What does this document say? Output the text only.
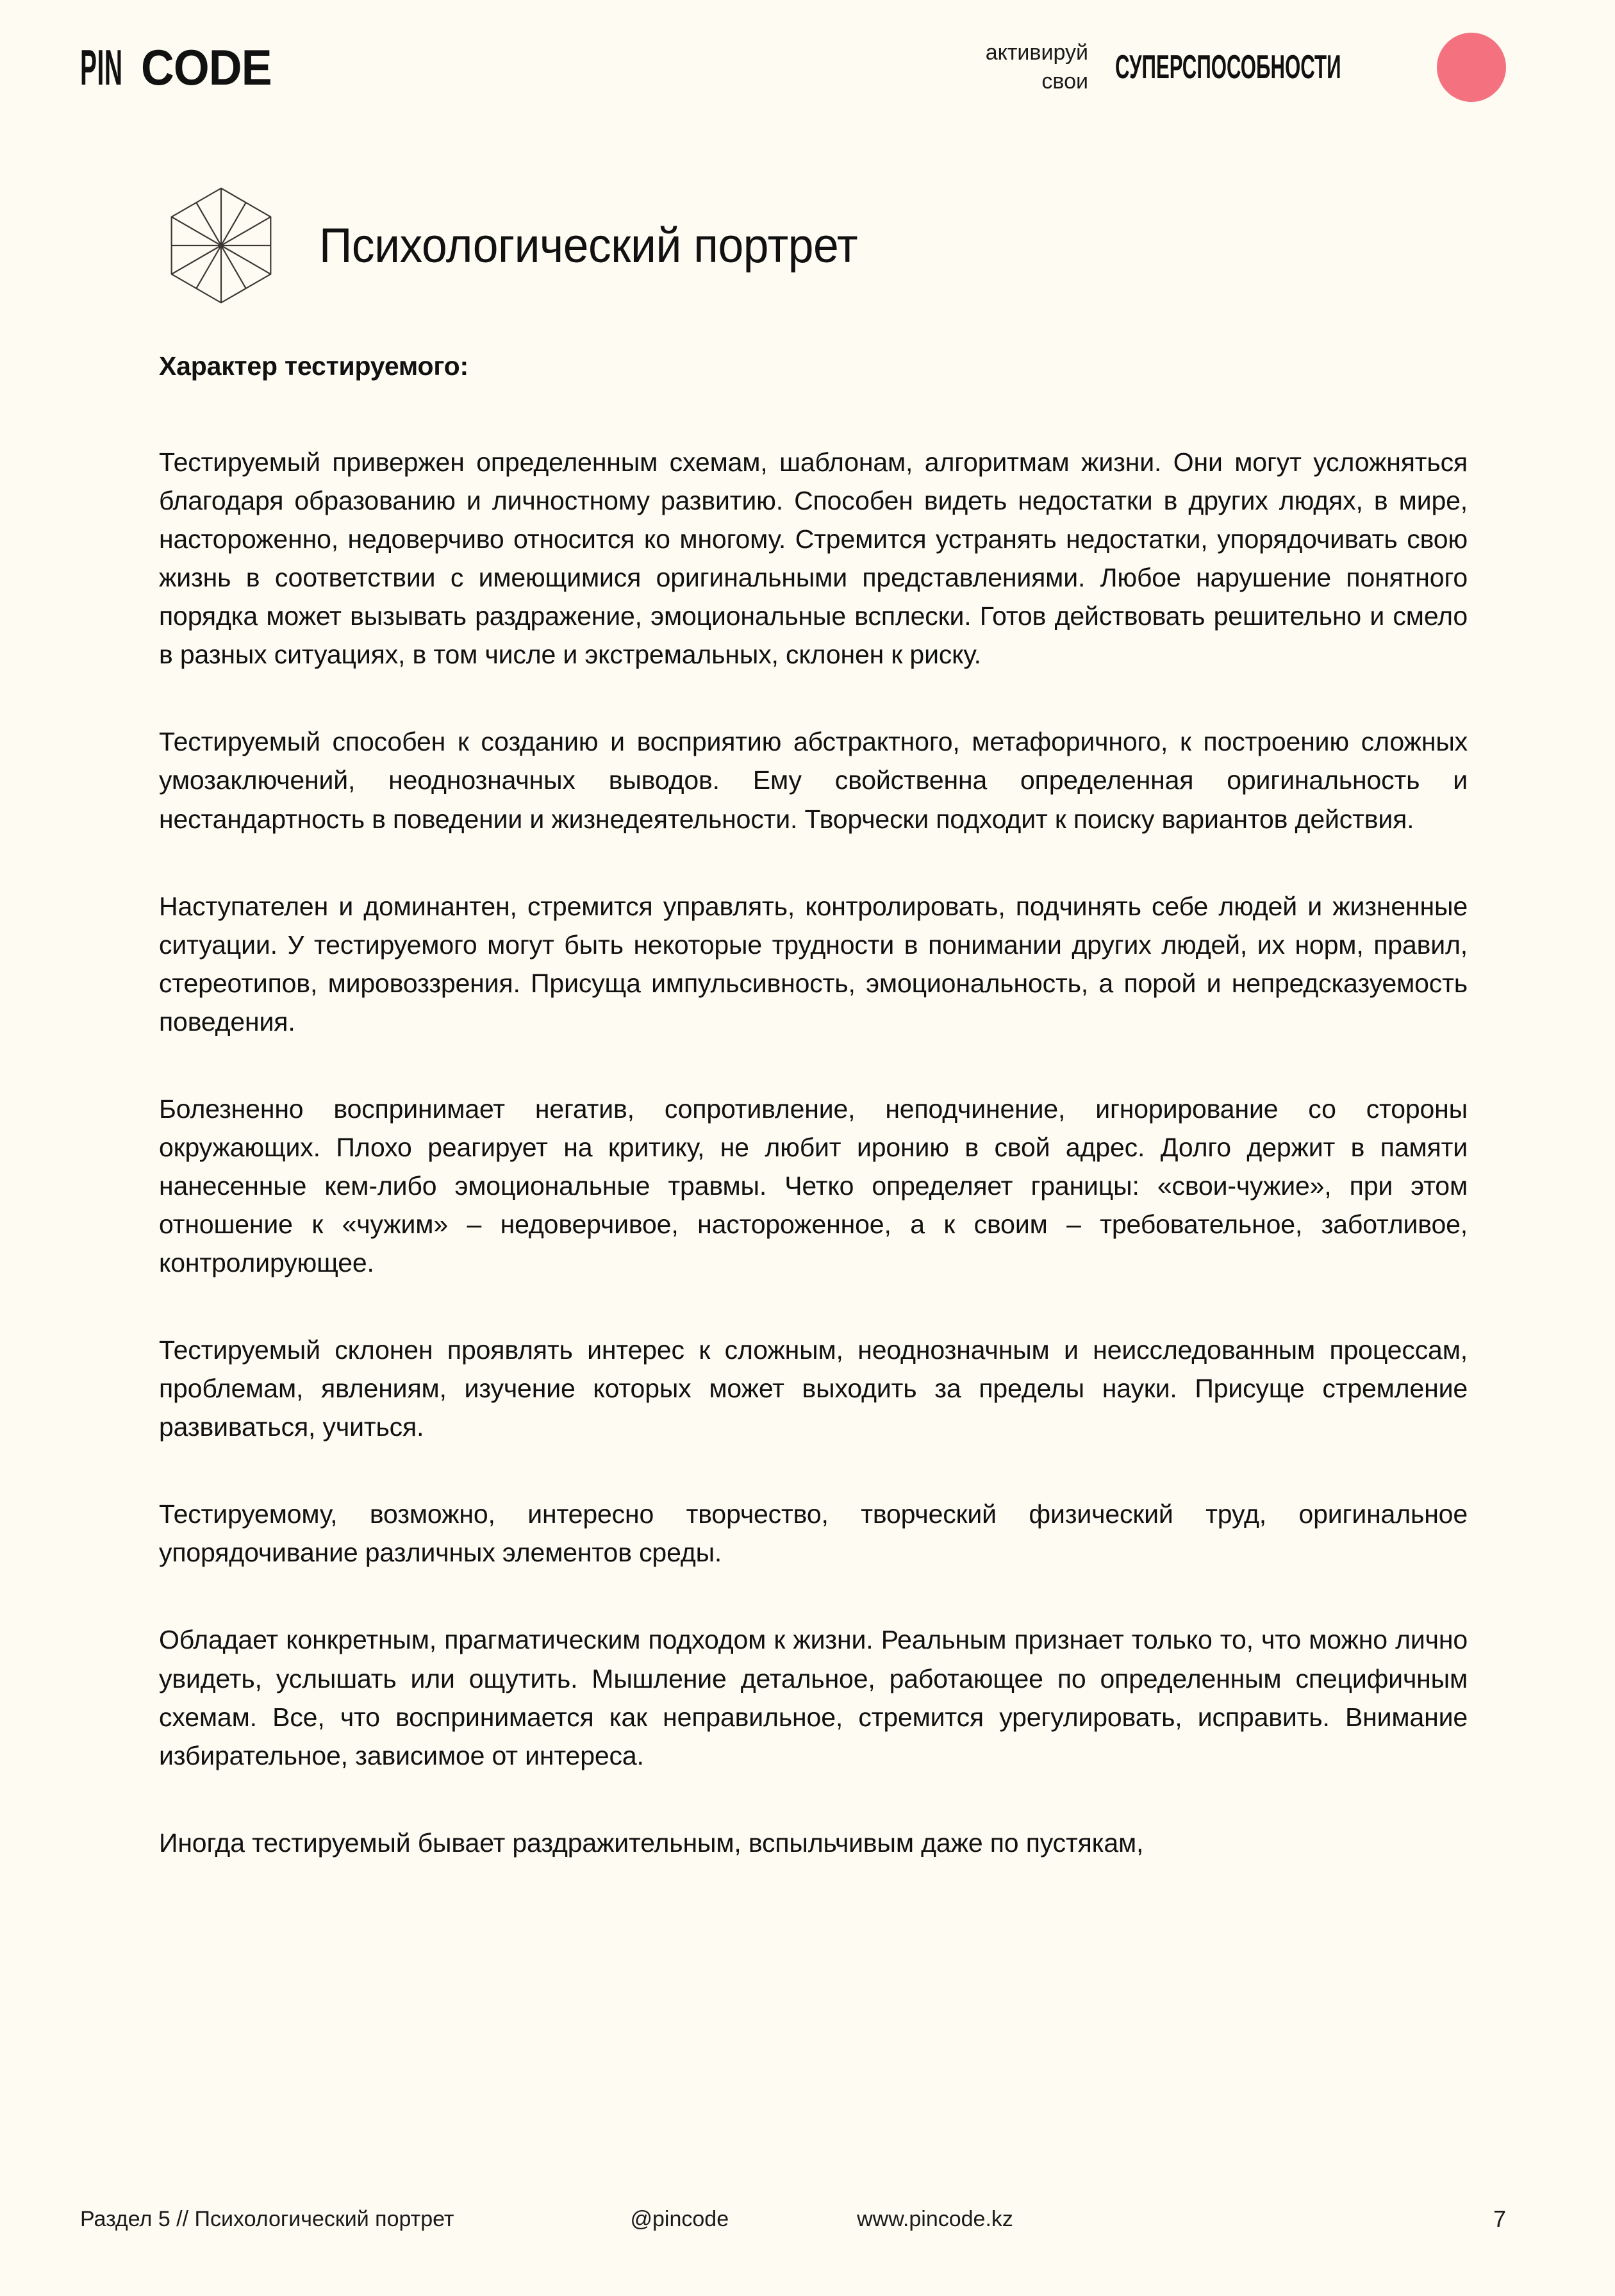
PIN CODE	активируй
свои СУПЕРСПОСОБНОСТИ
Психологический портрет
Характер тестируемого:

Тестируемый привержен определенным схемам, шаблонам, алгоритмам жизни. Они могут усложняться благодаря образованию и личностному развитию. Способен видеть недостатки в других людях, в мире, настороженно, недоверчиво относится ко многому. Стремится устранять недостатки, упорядочивать свою жизнь в соответствии с имеющимися оригинальными представлениями. Любое нарушение понятного порядка может вызывать раздражение, эмоциональные всплески. Готов действовать решительно и смело в разных ситуациях, в том числе и экстремальных, склонен к риску.

Тестируемый способен к созданию и восприятию абстрактного, метафоричного, к построению сложных умозаключений, неоднозначных выводов. Ему свойственна определенная оригинальность и нестандартность в поведении и жизнедеятельности. Творчески подходит к поиску вариантов действия.

Наступателен и доминантен, стремится управлять, контролировать, подчинять себе людей и жизненные ситуации. У тестируемого могут быть некоторые трудности в понимании других людей, их норм, правил, стереотипов, мировоззрения. Присуща импульсивность, эмоциональность, а порой и непредсказуемость поведения.

Болезненно воспринимает негатив, сопротивление, неподчинение, игнорирование со стороны окружающих. Плохо реагирует на критику, не любит иронию в свой адрес. Долго держит в памяти нанесенные кем-либо эмоциональные травмы. Четко определяет границы: «свои-чужие», при этом отношение к «чужим» – недоверчивое, настороженное, а к своим – требовательное, заботливое, контролирующее.

Тестируемый склонен проявлять интерес к сложным, неоднозначным и неисследованным процессам, проблемам, явлениям, изучение которых может выходить за пределы науки. Присуще стремление развиваться, учиться.

Тестируемому, возможно, интересно творчество, творческий физический труд, оригинальное упорядочивание различных элементов среды.

Обладает конкретным, прагматическим подходом к жизни. Реальным признает только то, что можно лично увидеть, услышать или ощутить. Мышление детальное, работающее по определенным специфичным схемам. Все, что воспринимается как неправильное, стремится урегулировать, исправить. Внимание избирательное, зависимое от интереса.

Иногда тестируемый бывает раздражительным, вспыльчивым даже по пустякам,

Раздел 5 // Психологический портрет	@pincode	www.pincode.kz	7
